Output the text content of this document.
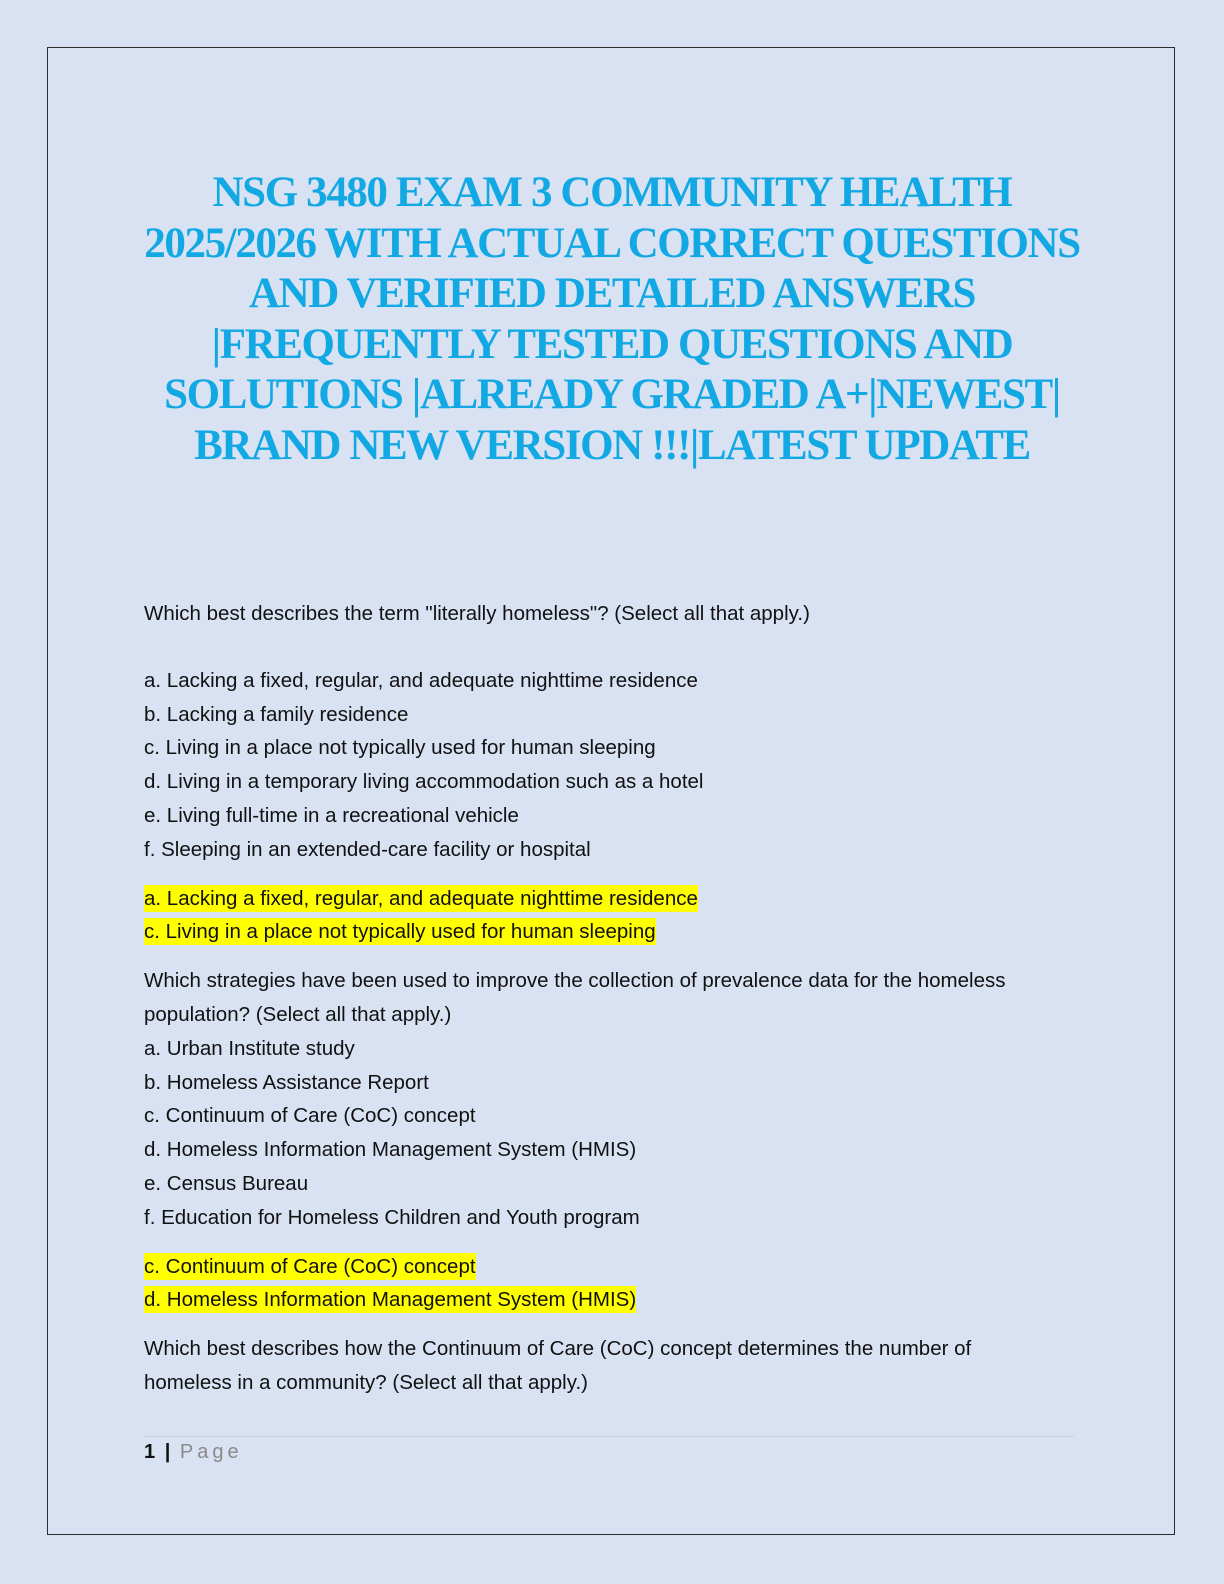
NSG 3480 EXAM 3 COMMUNITY HEALTH 2025/2026 WITH ACTUAL CORRECT QUESTIONS AND VERIFIED DETAILED ANSWERS |FREQUENTLY TESTED QUESTIONS AND SOLUTIONS |ALREADY GRADED A+|NEWEST| BRAND NEW VERSION !!!|LATEST UPDATE

Which best describes the term "literally homeless"? (Select all that apply.)

a. Lacking a fixed, regular, and adequate nighttime residence

b. Lacking a family residence

c. Living in a place not typically used for human sleeping

d. Living in a temporary living accommodation such as a hotel

e. Living full-time in a recreational vehicle

f. Sleeping in an extended-care facility or hospital

a. Lacking a fixed, regular, and adequate nighttime residence

c. Living in a place not typically used for human sleeping

Which strategies have been used to improve the collection of prevalence data for the homeless

population? (Select all that apply.)

a. Urban Institute study

b. Homeless Assistance Report

c. Continuum of Care (CoC) concept

d. Homeless Information Management System (HMIS)

e. Census Bureau

f. Education for Homeless Children and Youth program

c. Continuum of Care (CoC) concept

d. Homeless Information Management System (HMIS)

Which best describes how the Continuum of Care (CoC) concept determines the number of

homeless in a community? (Select all that apply.)

1 | Page
